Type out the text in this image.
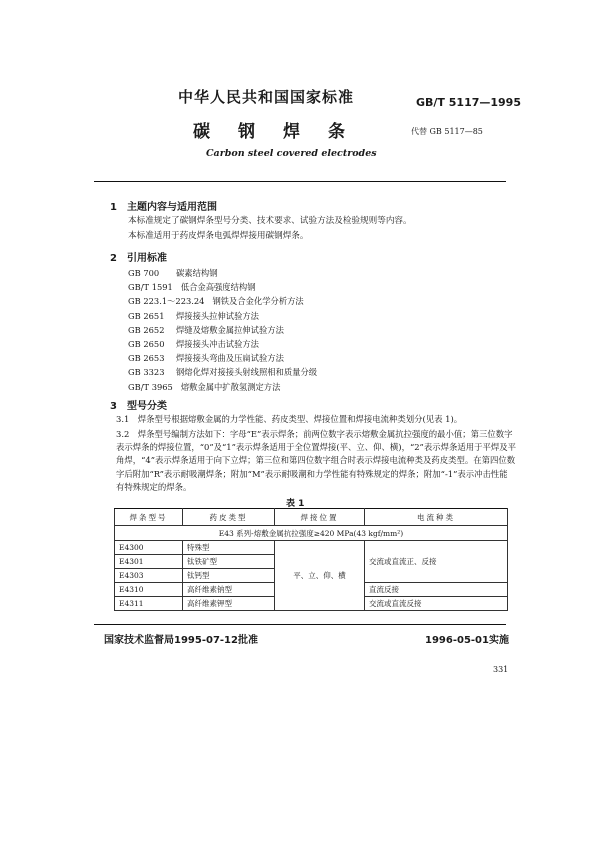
中华人民共和国国家标准	GB/T 5117—1995
碳 钢 焊 条	代替 GB 5117—85
Carbon steel covered electrodes
1　主题内容与适用范围
本标准规定了碳钢焊条型号分类、技术要求、试验方法及检验规则等内容。
本标准适用于药皮焊条电弧焊焊接用碳钢焊条。
2　引用标准
GB 700 碳素结构钢
GB/T 1591 低合金高强度结构钢
GB 223.1～223.24 钢铁及合金化学分析方法
GB 2651 焊接接头拉伸试验方法
GB 2652 焊缝及熔敷金属拉伸试验方法
GB 2650 焊接接头冲击试验方法
GB 2653 焊接接头弯曲及压扁试验方法
GB 3323 钢熔化焊对接接头射线照相和质量分级
GB/T 3965 熔敷金属中扩散氢测定方法
3　型号分类
3.1　焊条型号根据熔敷金属的力学性能、药皮类型、焊接位置和焊接电流种类划分(见表 1)。
3.2　焊条型号编制方法如下：字母“E”表示焊条；前两位数字表示熔敷金属抗拉强度的最小值；第三位数字表示焊条的焊接位置，“0”及“1”表示焊条适用于全位置焊接(平、立、仰、横)，“2”表示焊条适用于平焊及平角焊，“4”表示焊条适用于向下立焊；第三位和第四位数字组合时表示焊接电流种类及药皮类型。在第四位数字后附加“R”表示耐吸潮焊条；附加“M”表示耐吸潮和力学性能有特殊规定的焊条；附加“-1”表示冲击性能有特殊规定的焊条。
表 1
焊条型号	药皮类型	焊接位置	电流种类
E43 系列-熔敷金属抗拉强度≥420 MPa(43 kgf/mm²)			
E4300	特殊型	平、立、仰、横	交流或直流正、反接
E4301	钛铁矿型		
E4303	钛钙型		
E4310	高纤维素钠型		直流反接
E4311	高纤维素钾型		交流或直流反接
国家技术监督局1995-07-12批准	1996-05-01实施
331
